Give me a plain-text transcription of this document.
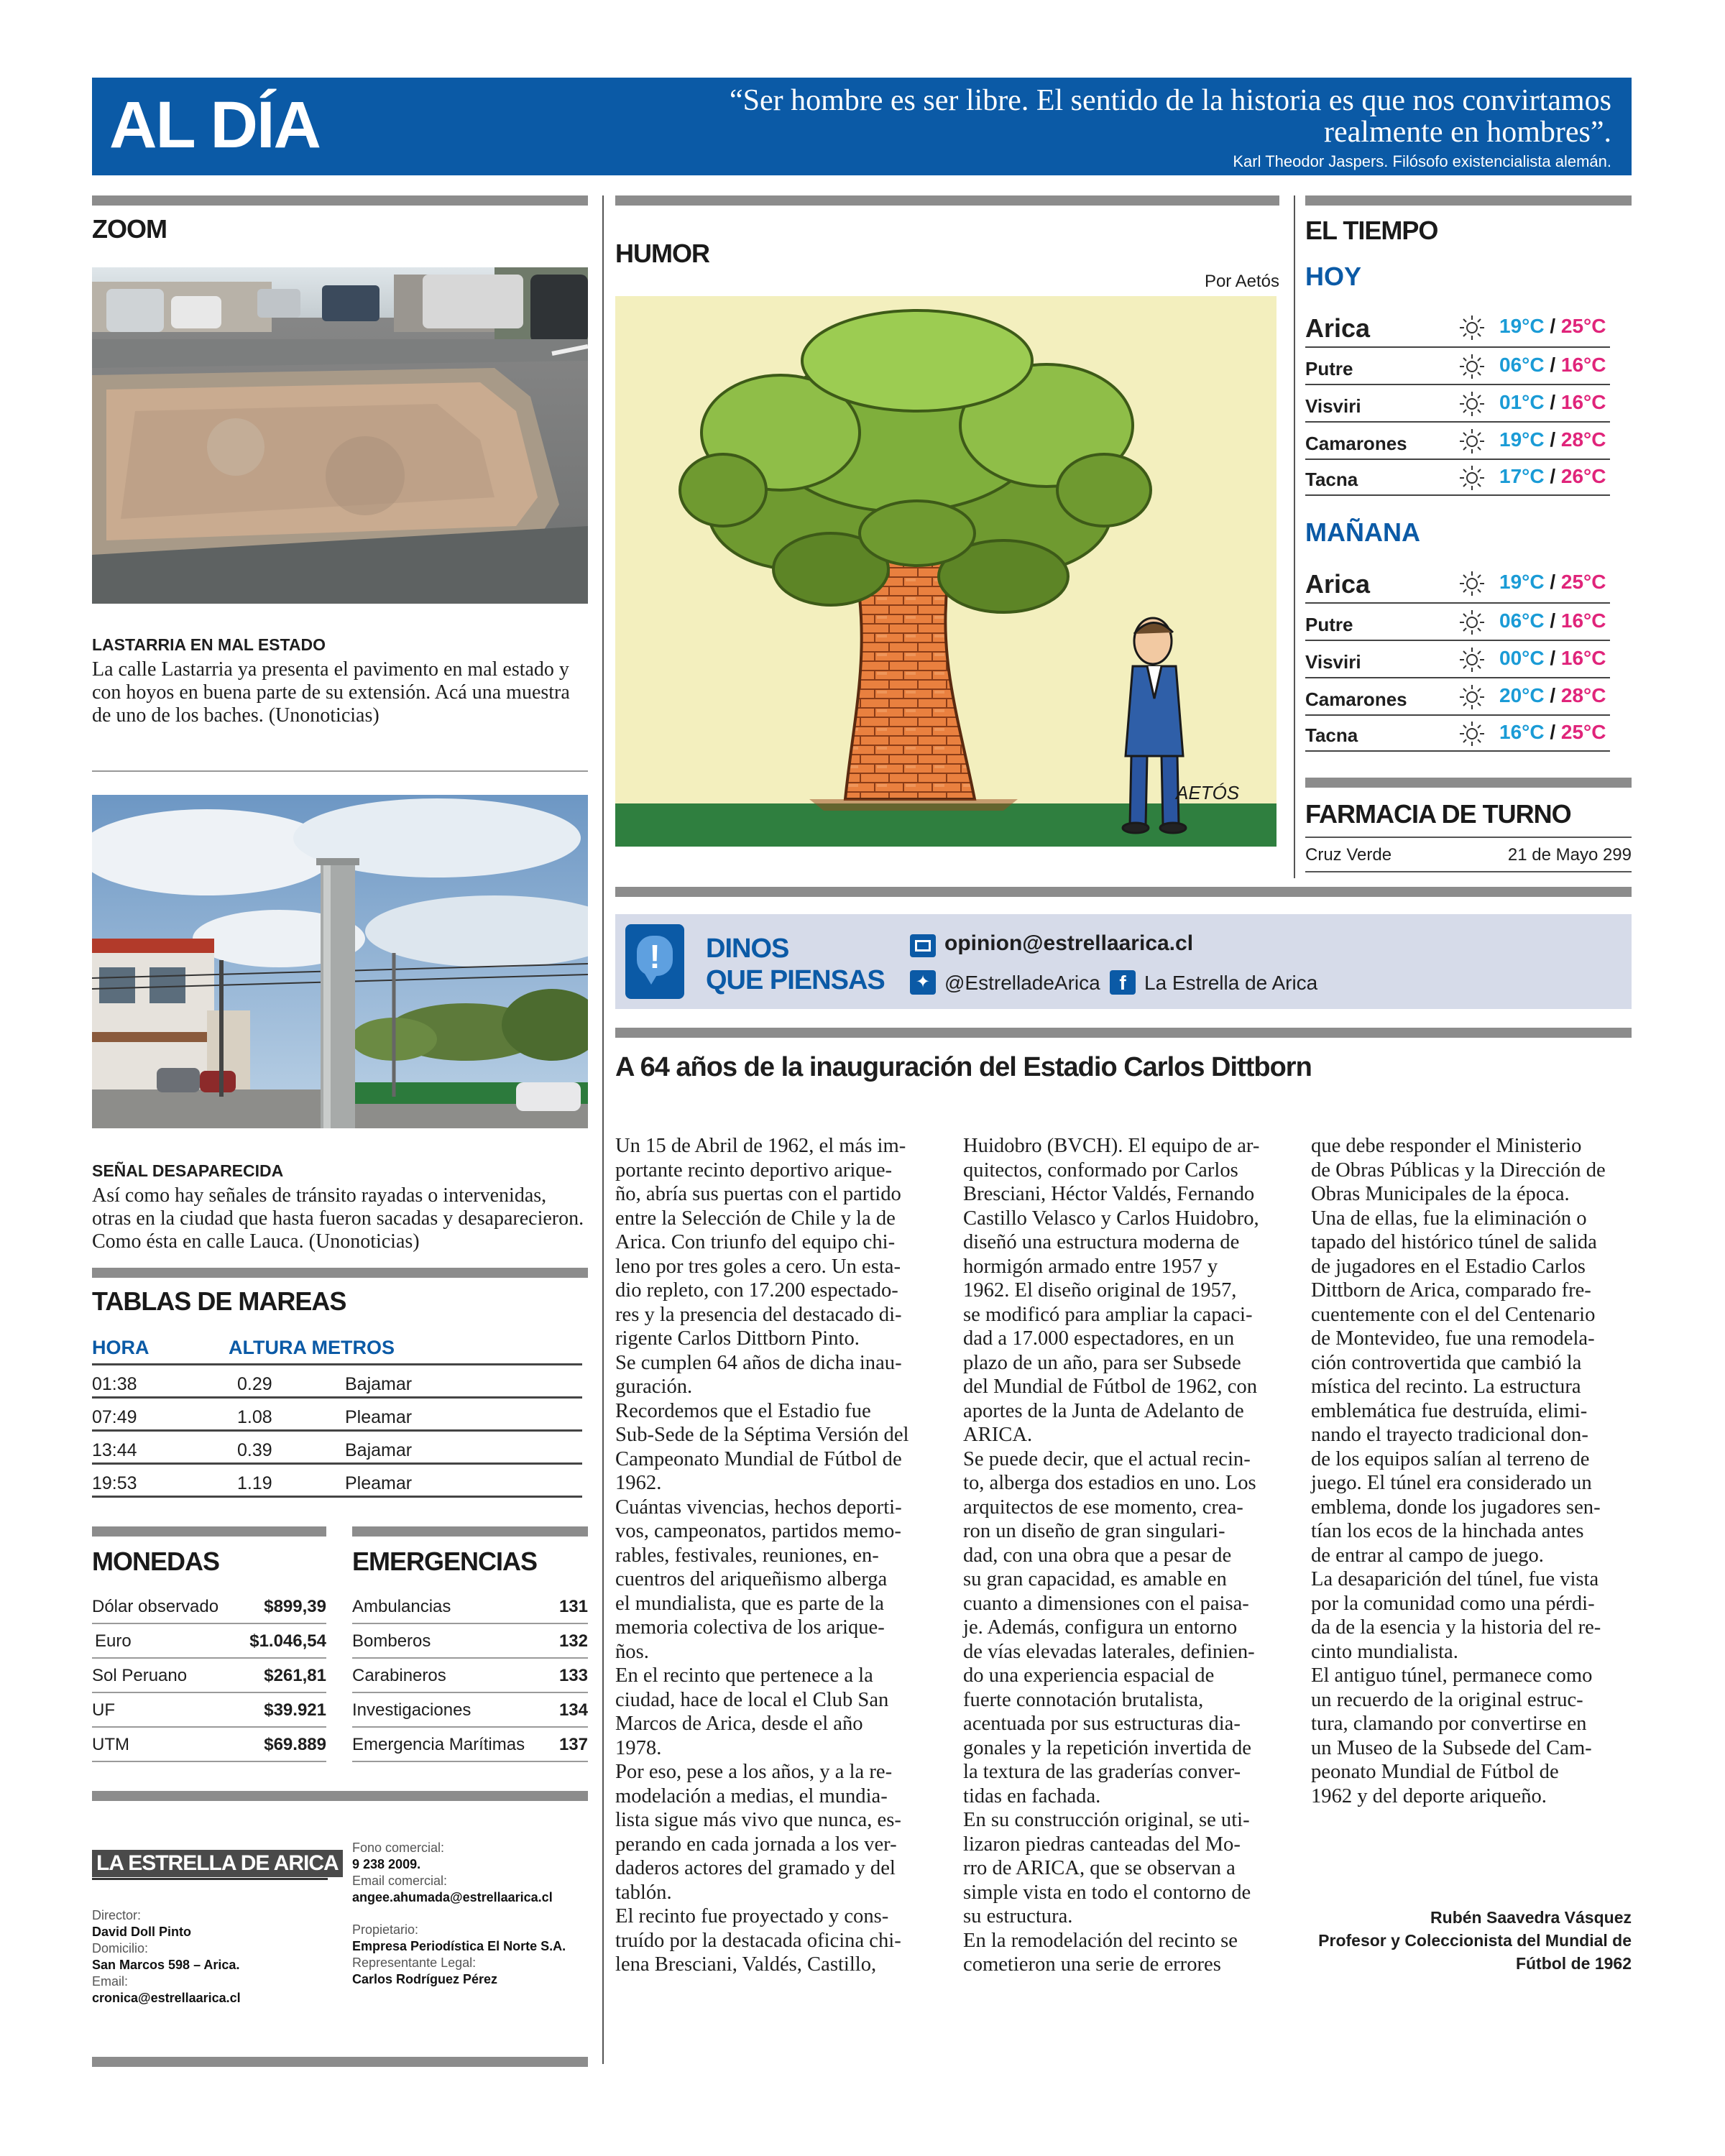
AL DÍA	“Ser hombre es ser libre. El sentido de la historia es que nos convirtamos realmente en hombres”.
Karl Theodor Jaspers. Filósofo existencialista alemán.
ZOOM
LASTARRIA EN MAL ESTADO
La calle Lastarria ya presenta el pavimento en mal estado y con hoyos en buena parte de su extensión. Acá una muestra de uno de los baches. (Unonoticias)
SEÑAL DESAPARECIDA
Así como hay señales de tránsito rayadas o intervenidas, otras en la ciudad que hasta fueron sacadas y desaparecieron. Como ésta en calle Lauca. (Unonoticias)
TABLAS DE MAREAS
HORA	ALTURA METROS
01:38	0.29	Bajamar
07:49	1.08	Pleamar
13:44	0.39	Bajamar
19:53	1.19	Pleamar
MONEDAS
Dólar observado	$899,39
Euro	$1.046,54
Sol Peruano	$261,81
UF	$39.921
UTM	$69.889
EMERGENCIAS
Ambulancias	131
Bomberos	132
Carabineros	133
Investigaciones	134
Emergencia Marítimas 137
LA ESTRELLA DE ARICA
Director:
David Doll Pinto
Domicilio:
San Marcos 598 – Arica.
Email:
cronica@estrellaarica.cl
Fono comercial:
9 238 2009.
Email comercial:
angee.ahumada@estrellaarica.cl
Propietario:
Empresa Periodística El Norte S.A.
Representante Legal:
Carlos Rodríguez Pérez
HUMOR
Por Aetós
AETÓS
EL TIEMPO
HOY
Arica	19°C / 25°C
Putre	06°C / 16°C
Visviri	01°C / 16°C
Camarones	19°C / 28°C
Tacna	17°C / 26°C
MAÑANA
Arica	19°C / 25°C
Putre	06°C / 16°C
Visviri	00°C / 16°C
Camarones	20°C / 28°C
Tacna	16°C / 25°C
FARMACIA DE TURNO
Cruz Verde	21 de Mayo 299
!	DINOS
QUE PIENSAS
opinion@estrellaarica.cl
✦ @EstrelladeArica f La Estrella de Arica
A 64 años de la inauguración del Estadio Carlos Dittborn
Un 15 de Abril de 1962, el más im-
portante recinto deportivo arique-
ño, abría sus puertas con el partido
entre la Selección de Chile y la de
Arica. Con triunfo del equipo chi-
leno por tres goles a cero. Un esta-
dio repleto, con 17.200 espectado-
res y la presencia del destacado di-
rigente Carlos Dittborn Pinto.
Se cumplen 64 años de dicha inau-
guración.
Recordemos que el Estadio fue
Sub-Sede de la Séptima Versión del
Campeonato Mundial de Fútbol de
1962.
Cuántas vivencias, hechos deporti-
vos, campeonatos, partidos memo-
rables, festivales, reuniones, en-
cuentros del ariqueñismo alberga
el mundialista, que es parte de la
memoria colectiva de los arique-
ños.
En el recinto que pertenece a la
ciudad, hace de local el Club San
Marcos de Arica, desde el año
1978.
Por eso, pese a los años, y a la re-
modelación a medias, el mundia-
lista sigue más vivo que nunca, es-
perando en cada jornada a los ver-
daderos actores del gramado y del
tablón.
El recinto fue proyectado y cons-
truído por la destacada oficina chi-
lena Bresciani, Valdés, Castillo,
Huidobro (BVCH). El equipo de ar-
quitectos, conformado por Carlos
Bresciani, Héctor Valdés, Fernando
Castillo Velasco y Carlos Huidobro,
diseñó una estructura moderna de
hormigón armado entre 1957 y
1962. El diseño original de 1957,
se modificó para ampliar la capaci-
dad a 17.000 espectadores, en un
plazo de un año, para ser Subsede
del Mundial de Fútbol de 1962, con
aportes de la Junta de Adelanto de
ARICA.
Se puede decir, que el actual recin-
to, alberga dos estadios en uno. Los
arquitectos de ese momento, crea-
ron un diseño de gran singulari-
dad, con una obra que a pesar de
su gran capacidad, es amable en
cuanto a dimensiones con el paisa-
je. Además, configura un entorno
de vías elevadas laterales, definien-
do una experiencia espacial de
fuerte connotación brutalista,
acentuada por sus estructuras dia-
gonales y la repetición invertida de
la textura de las graderías conver-
tidas en fachada.
En su construcción original, se uti-
lizaron piedras canteadas del Mo-
rro de ARICA, que se observan a
simple vista en todo el contorno de
su estructura.
En la remodelación del recinto se
cometieron una serie de errores
que debe responder el Ministerio
de Obras Públicas y la Dirección de
Obras Municipales de la época.
Una de ellas, fue la eliminación o
tapado del histórico túnel de salida
de jugadores en el Estadio Carlos
Dittborn de Arica, comparado fre-
cuentemente con el del Centenario
de Montevideo, fue una remodela-
ción controvertida que cambió la
mística del recinto. La estructura
emblemática fue destruída, elimi-
nando el trayecto tradicional don-
de los equipos salían al terreno de
juego. El túnel era considerado un
emblema, donde los jugadores sen-
tían los ecos de la hinchada antes
de entrar al campo de juego.
La desaparición del túnel, fue vista
por la comunidad como una pérdi-
da de la esencia y la historia del re-
cinto mundialista.
El antiguo túnel, permanece como
un recuerdo de la original estruc-
tura, clamando por convertirse en
un Museo de la Subsede del Cam-
peonato Mundial de Fútbol de
1962 y del deporte ariqueño.
Rubén Saavedra Vásquez
Profesor y Coleccionista del Mundial de Fútbol de 1962
